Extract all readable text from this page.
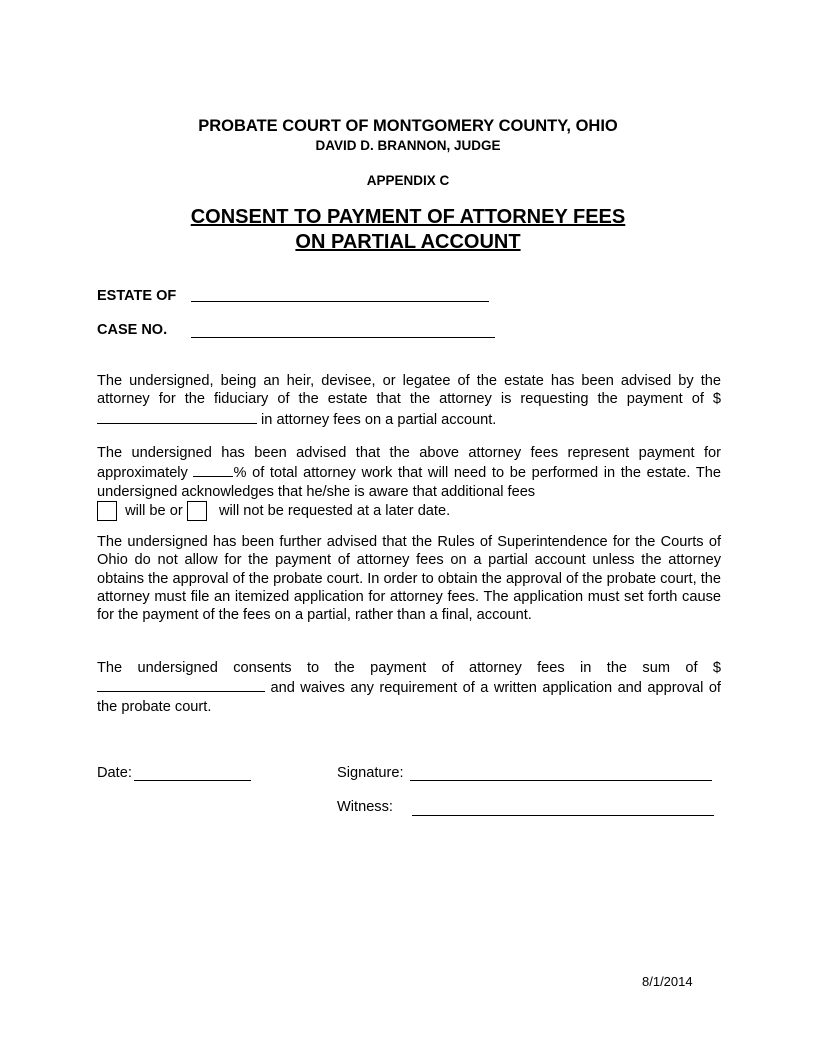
PROBATE COURT OF MONTGOMERY COUNTY, OHIO
DAVID D. BRANNON, JUDGE
APPENDIX C
CONSENT TO PAYMENT OF ATTORNEY FEES
ON PARTIAL ACCOUNT
ESTATE OF
CASE NO.
The undersigned, being an heir, devisee, or legatee of the estate has been advised by the attorney for the fiduciary of the estate that the attorney is requesting the payment of $ in attorney fees on a partial account.
The undersigned has been advised that the above attorney fees represent payment for approximately	% of total attorney work that will need to be performed in the estate. The undersigned acknowledges that he/she is aware that additional fees
will be or will not be requested at a later date.
The undersigned has been further advised that the Rules of Superintendence for the Courts of Ohio do not allow for the payment of attorney fees on a partial account unless the attorney obtains the approval of the probate court. In order to obtain the approval of the probate court, the attorney must file an itemized application for attorney fees. The application must set forth cause for the payment of the fees on a partial, rather than a final, account.
The undersigned consents to the payment of attorney fees in the sum of $ and waives any requirement of a written application and approval of the probate court.
Date:	Signature:
Witness:
8/1/2014
